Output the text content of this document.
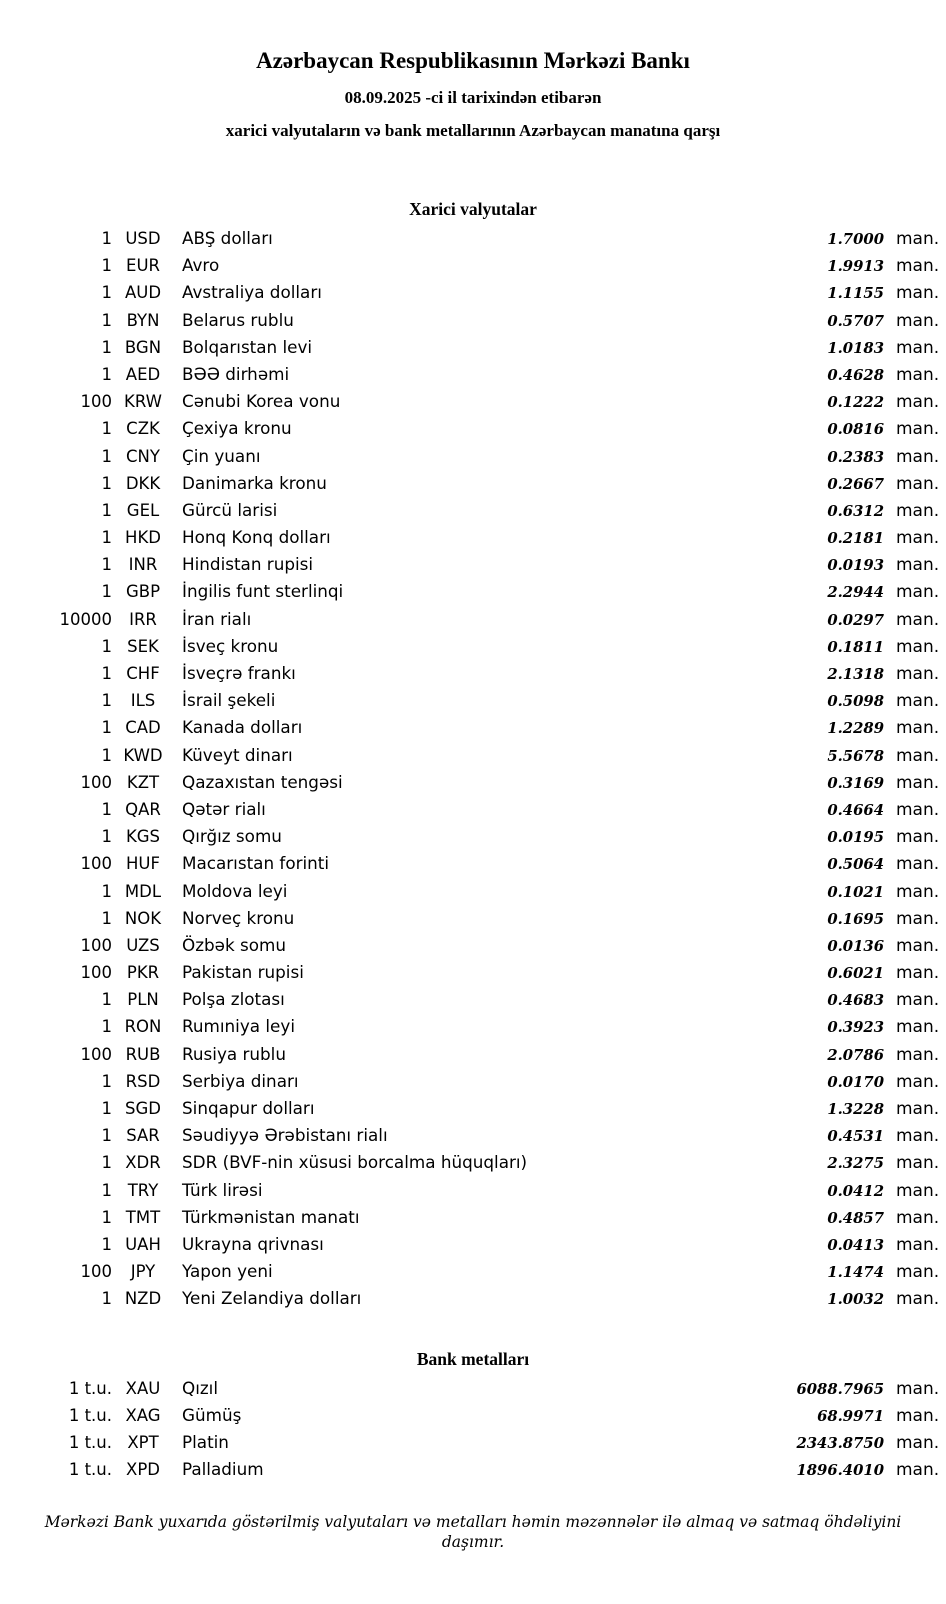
Azərbaycan Respublikasının Mərkəzi Bankı
08.09.2025 -ci il tarixindən etibarən
xarici valyutaların və bank metallarının Azərbaycan manatına qarşı
Xarici valyutalar
1 USD	ABŞ dolları	1.7000 man.
1 EUR	Avro	1.9913 man.
1 AUD	Avstraliya dolları	1.1155 man.
1 BYN	Belarus rublu	0.5707 man.
1 BGN	Bolqarıstan levi	1.0183 man.
1 AED	BƏƏ dirhəmi	0.4628 man.
100 KRW	Cənubi Korea vonu	0.1222 man.
1 CZK	Çexiya kronu	0.0816 man.
1 CNY	Çin yuanı	0.2383 man.
1 DKK	Danimarka kronu	0.2667 man.
1 GEL	Gürcü larisi	0.6312 man.
1 HKD	Honq Konq dolları	0.2181 man.
1	INR	Hindistan rupisi	0.0193 man.
1 GBP	İngilis funt sterlinqi	2.2944 man.
10000	IRR	İran rialı	0.0297 man.
1 SEK	İsveç kronu	0.1811 man.
1 CHF	İsveçrə frankı	2.1318 man.
1	ILS	İsrail şekeli	0.5098 man.
1 CAD	Kanada dolları	1.2289 man.
1 KWD	Küveyt dinarı	5.5678 man.
100 KZT	Qazaxıstan tengəsi	0.3169 man.
1 QAR	Qətər rialı	0.4664 man.
1 KGS	Qırğız somu	0.0195 man.
100 HUF	Macarıstan forinti	0.5064 man.
1 MDL	Moldova leyi	0.1021 man.
1 NOK	Norveç kronu	0.1695 man.
100 UZS	Özbək somu	0.0136 man.
100 PKR	Pakistan rupisi	0.6021 man.
1 PLN	Polşa zlotası	0.4683 man.
1 RON	Rumıniya leyi	0.3923 man.
100 RUB	Rusiya rublu	2.0786 man.
1 RSD	Serbiya dinarı	0.0170 man.
1 SGD	Sinqapur dolları	1.3228 man.
1 SAR	Səudiyyə Ərəbistanı rialı	0.4531 man.
1 XDR	SDR (BVF-nin xüsusi borcalma hüquqları)	2.3275 man.
1 TRY	Türk lirəsi	0.0412 man.
1 TMT	Türkmənistan manatı	0.4857 man.
1 UAH	Ukrayna qrivnası	0.0413 man.
100	JPY	Yapon yeni	1.1474 man.
1 NZD	Yeni Zelandiya dolları	1.0032 man.
Bank metalları
1 t.u. XAU	Qızıl	6088.7965 man.
1 t.u. XAG	Gümüş	68.9971 man.
1 t.u. XPT	Platin	2343.8750 man.
1 t.u. XPD	Palladium	1896.4010 man.
Mərkəzi Bank yuxarıda göstərilmiş valyutaları və metalları həmin məzənnələr ilə almaq və satmaq öhdəliyini daşımır.
